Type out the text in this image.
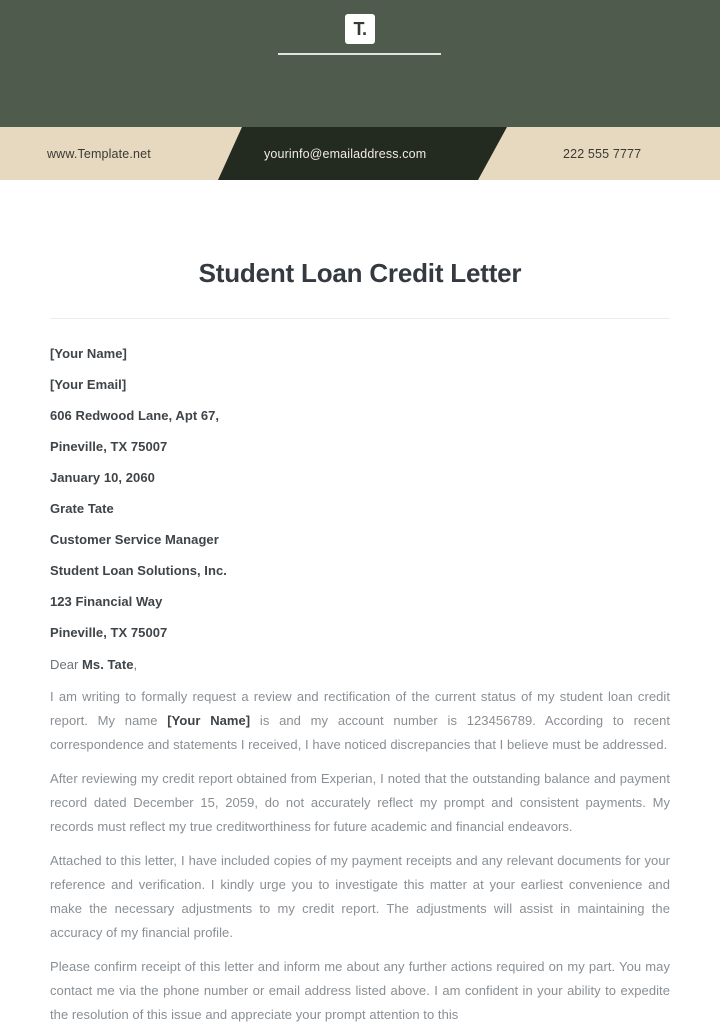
T.
www.Template.net	yourinfo@emailaddress.com	222 555 7777
Student Loan Credit Letter
[Your Name]
[Your Email]
606 Redwood Lane, Apt 67,
Pineville, TX 75007
January 10, 2060
Grate Tate
Customer Service Manager
Student Loan Solutions, Inc.
123 Financial Way
Pineville, TX 75007

Dear Ms. Tate,

I am writing to formally request a review and rectification of the current status of my student loan credit report. My name [Your Name] is and my account number is 123456789. According to recent correspondence and statements I received, I have noticed discrepancies that I believe must be addressed.

After reviewing my credit report obtained from Experian, I noted that the outstanding balance and payment record dated December 15, 2059, do not accurately reflect my prompt and consistent payments. My records must reflect my true creditworthiness for future academic and financial endeavors.

Attached to this letter, I have included copies of my payment receipts and any relevant documents for your reference and verification. I kindly urge you to investigate this matter at your earliest convenience and make the necessary adjustments to my credit report. The adjustments will assist in maintaining the accuracy of my financial profile.

Please confirm receipt of this letter and inform me about any further actions required on my part. You may contact me via the phone number or email address listed above. I am confident in your ability to expedite the resolution of this issue and appreciate your prompt attention to this
